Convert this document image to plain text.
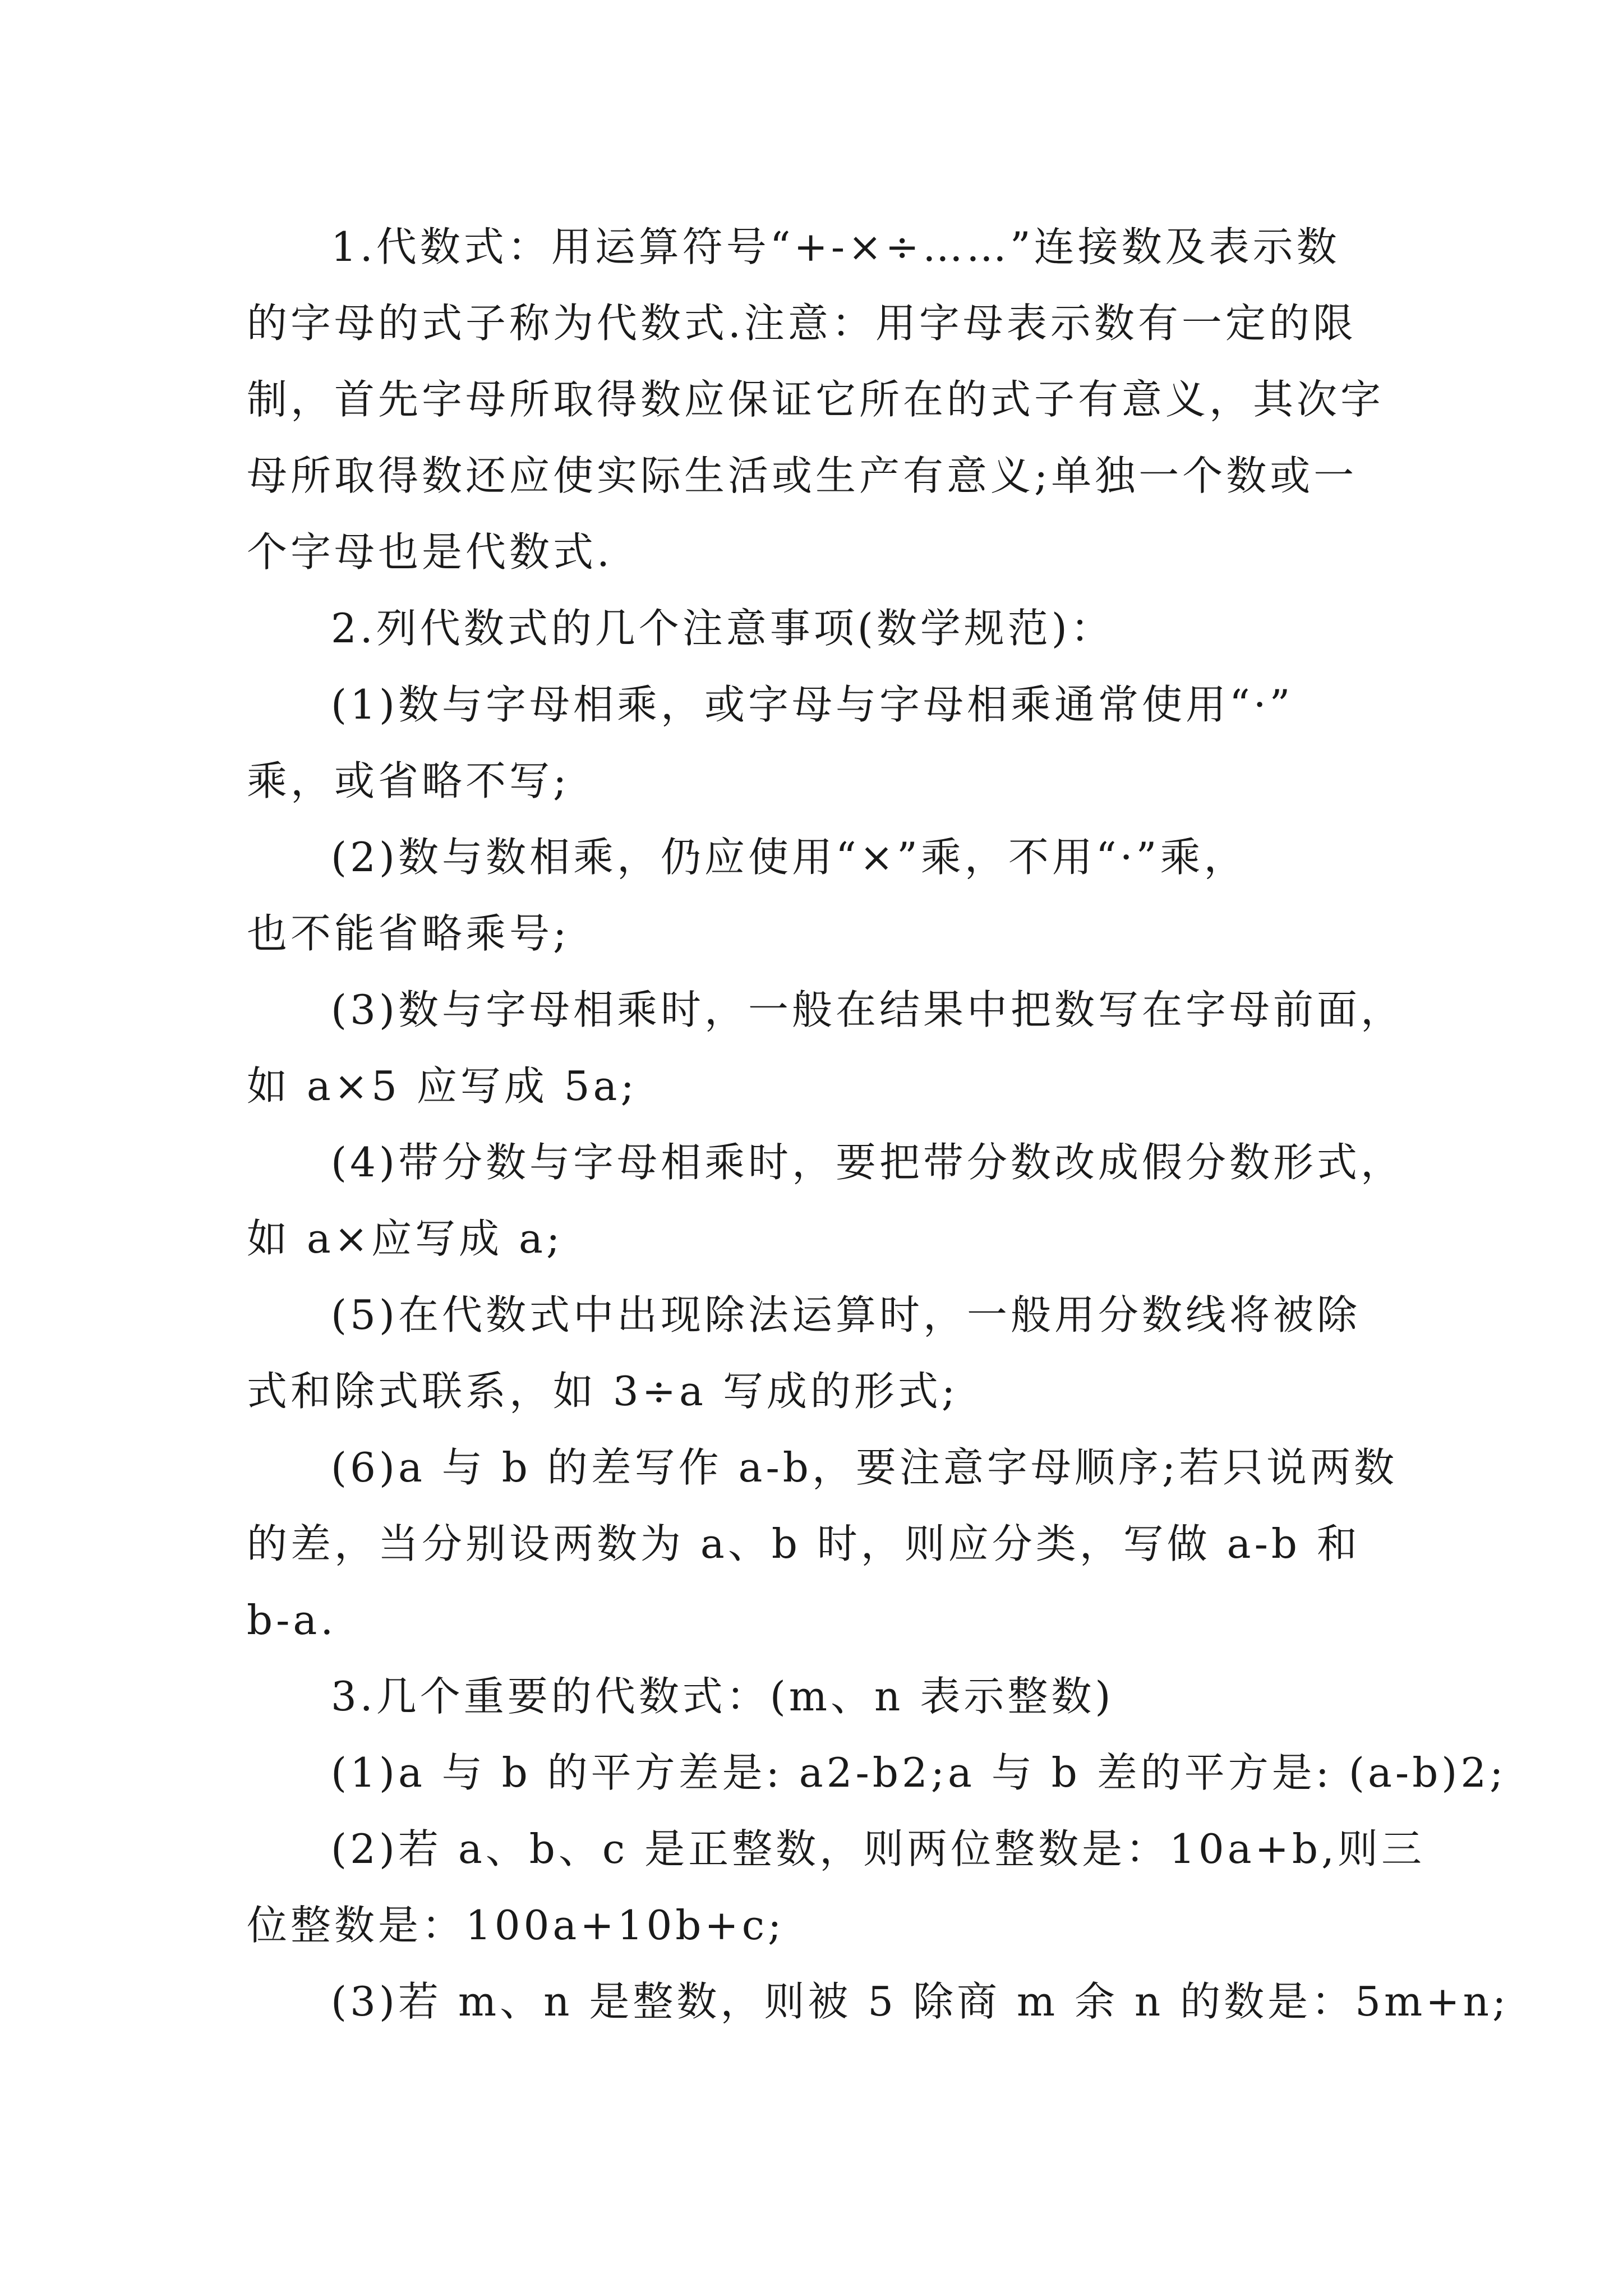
1.代数式：用运算符号“+-×÷……”连接数及表示数
的字母的式子称为代数式.注意：用字母表示数有一定的限
制，首先字母所取得数应保证它所在的式子有意义，其次字
母所取得数还应使实际生活或生产有意义;单独一个数或一
个字母也是代数式.
2.列代数式的几个注意事项(数学规范)：
(1)数与字母相乘，或字母与字母相乘通常使用“·”
乘，或省略不写;
(2)数与数相乘，仍应使用“×”乘，不用“·”乘，
也不能省略乘号;
(3)数与字母相乘时，一般在结果中把数写在字母前面，
如 a×5 应写成 5a;
(4)带分数与字母相乘时，要把带分数改成假分数形式，
如 a×应写成 a;
(5)在代数式中出现除法运算时，一般用分数线将被除
式和除式联系，如 3÷a 写成的形式;
(6)a 与 b 的差写作 a-b，要注意字母顺序;若只说两数
的差，当分别设两数为 a、b 时，则应分类，写做 a-b 和
b-a.
3.几个重要的代数式：(m、n 表示整数)
(1)a 与 b 的平方差是: a2-b2;a 与 b 差的平方是: (a-b)2;
(2)若 a、b、c 是正整数，则两位整数是：10a+b,则三
位整数是：100a+10b+c;
(3)若 m、n 是整数，则被 5 除商 m 余 n 的数是：5m+n;
